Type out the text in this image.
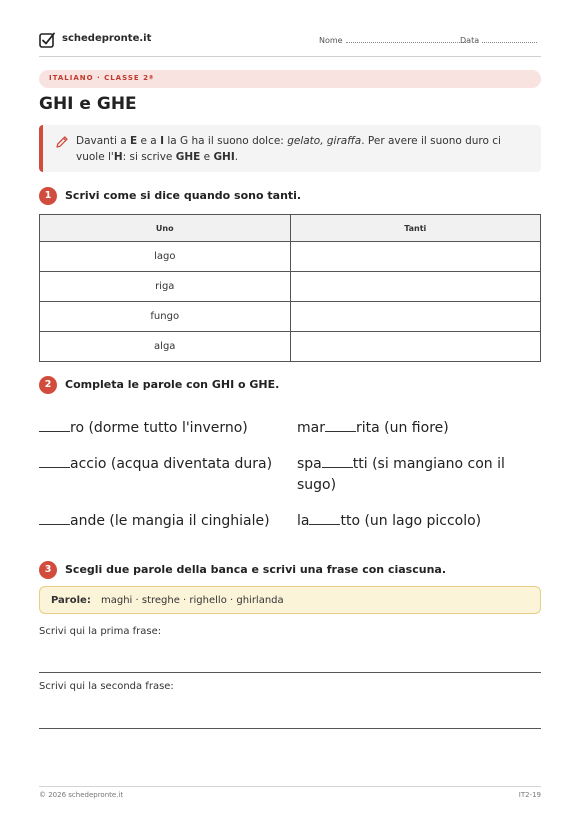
schedepronte.it	Nome	Data
ITALIANO · CLASSE 2ª
GHI e GHE
Davanti a E e a I la G ha il suono dolce: gelato, giraffa. Per avere il suono duro ci vuole l'H: si scrive GHE e GHI.
1	Scrivi come si dice quando sono tanti.
Uno	Tanti
lago	
riga	
fungo	
alga	
2	Completa le parole con GHI o GHE.
ro (dorme tutto l'inverno)	mar rita (un fiore)
accio (acqua diventata dura)	spa tti (si mangiano con il sugo)
ande (le mangia il cinghiale)	la tto (un lago piccolo)
3	Scegli due parole della banca e scrivi una frase con ciascuna.
Parole: maghi · streghe · righello · ghirlanda
Scrivi qui la prima frase:
Scrivi qui la seconda frase:
© 2026 schedepronte.it	IT2-19
